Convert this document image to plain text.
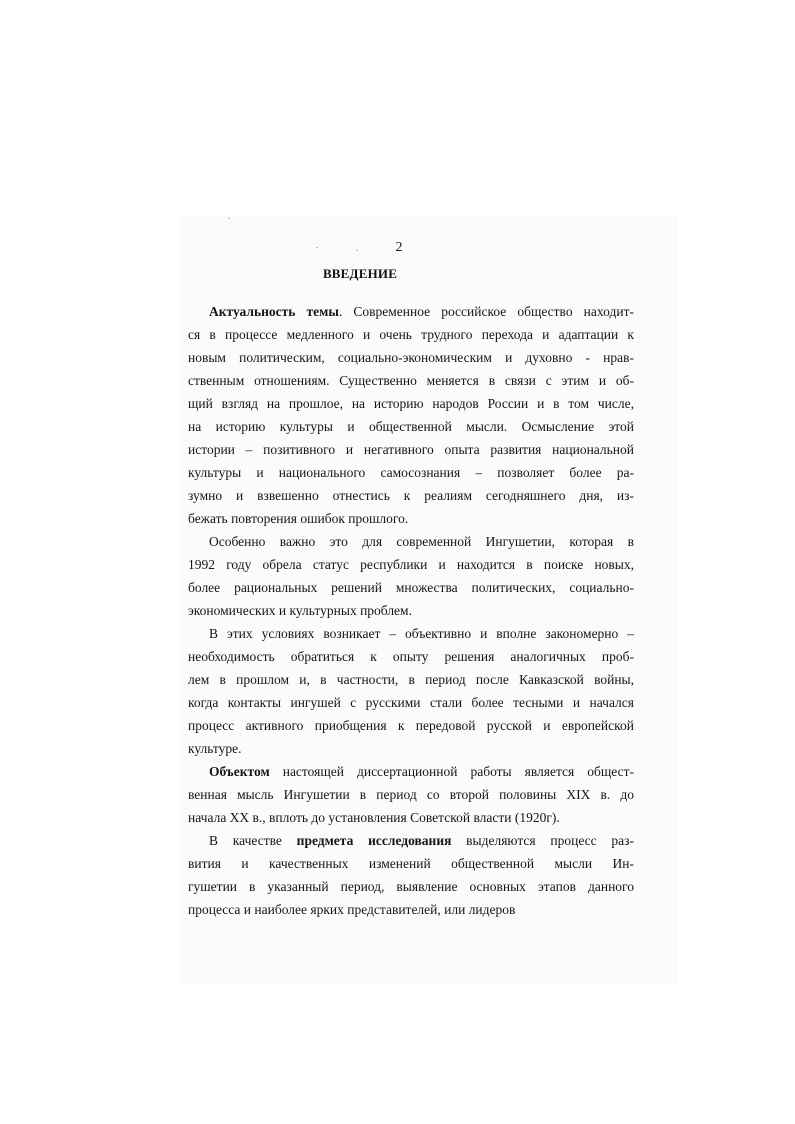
2
ВВЕДЕНИЕ
Актуальность темы. Современное российское общество находит-
ся в процессе медленного и очень трудного перехода и адаптации к
новым политическим, социально-экономическим и духовно - нрав-
ственным отношениям. Существенно меняется в связи с этим и об-
щий взгляд на прошлое, на историю народов России и в том числе,
на историю культуры и общественной мысли. Осмысление этой
истории – позитивного и негативного опыта развития национальной
культуры и национального самосознания – позволяет более ра-
зумно и взвешенно отнестись к реалиям сегодняшнего дня, из-
бежать повторения ошибок прошлого.
Особенно важно это для современной Ингушетии, которая в
1992 году обрела статус республики и находится в поиске новых,
более рациональных решений множества политических, социально-
экономических и культурных проблем.
В этих условиях возникает – объективно и вполне закономерно –
необходимость обратиться к опыту решения аналогичных проб-
лем в прошлом и, в частности, в период после Кавказской войны,
когда контакты ингушей с русскими стали более тесными и начался
процесс активного приобщения к передовой русской и европейской
культуре.
Объектом настоящей диссертационной работы является общест-
венная мысль Ингушетии в период со второй половины XIX в. до
начала XX в., вплоть до установления Советской власти (1920г).
В качестве предмета исследования выделяются процесс раз-
вития и качественных изменений общественной мысли Ин-
гушетии в указанный период, выявление основных этапов данного
процесса и наиболее ярких представителей, или лидеров
